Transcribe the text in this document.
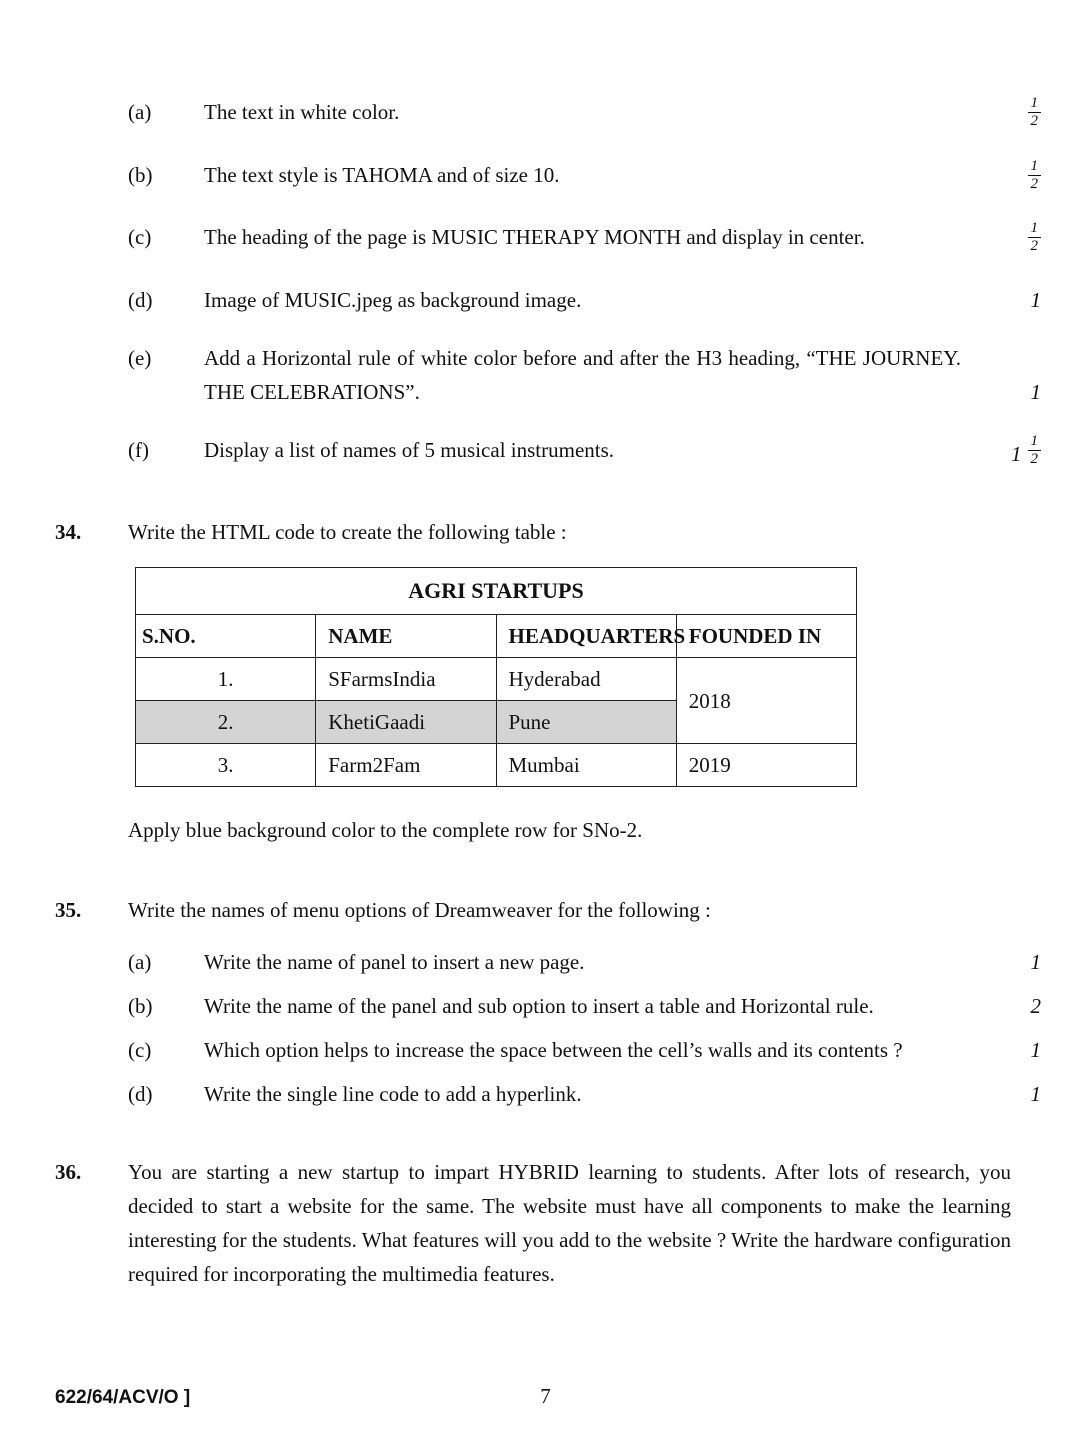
(a)	The text in white color.	$\frac{1}{2}$
(b)	The text style is TAHOMA and of size 10.	$\frac{1}{2}$
(c)	The heading of the page is MUSIC THERAPY MONTH and display in center.	$\frac{1}{2}$
(d)	Image of MUSIC.jpeg as background image.	1
(e)	Add a Horizontal rule of white color before and after the H3 heading, “THE JOURNEY. THE CELEBRATIONS”.	1
(f)	Display a list of names of 5 musical instruments.	$1 \frac{1}{2}$
34.	Write the HTML code to create the following table :
AGRI STARTUPS			
S.NO.	NAME	HEADQUARTERS	FOUNDED IN
1.	SFarmsIndia	Hyderabad	2018
2.	KhetiGaadi	Pune	
3.	Farm2Fam	Mumbai	2019
Apply blue background color to the complete row for SNo-2.
35.	Write the names of menu options of Dreamweaver for the following :
(a)	Write the name of panel to insert a new page.	1
(b)	Write the name of the panel and sub option to insert a table and Horizontal rule.	2
(c)	Which option helps to increase the space between the cell’s walls and its contents ?	1
(d)	Write the single line code to add a hyperlink.	1
36.	You are starting a new startup to impart HYBRID learning to students. After lots of research, you decided to start a website for the same. The website must have all components to make the learning interesting for the students. What features will you add to the website ? Write the hardware configuration required for incorporating the multimedia features.
622/64/ACV/O ]	7
